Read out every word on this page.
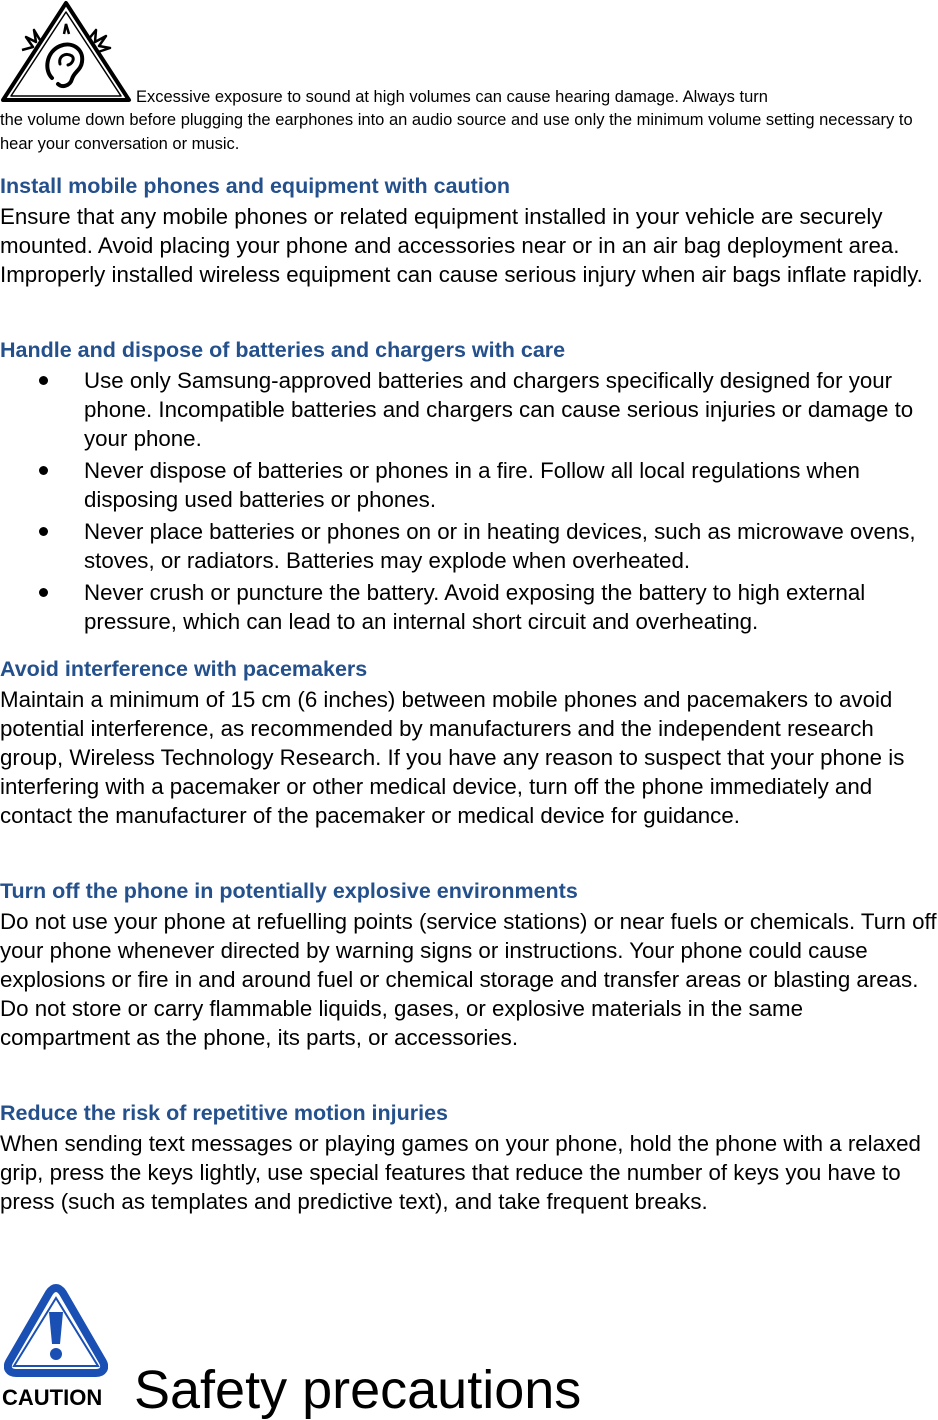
Excessive exposure to sound at high volumes can cause hearing damage. Always turn
the volume down before plugging the earphones into an audio source and use only the minimum volume setting necessary to hear your conversation or music.
Install mobile phones and equipment with caution

Ensure that any mobile phones or related equipment installed in your vehicle are securely mounted. Avoid placing your phone and accessories near or in an air bag deployment area. Improperly installed wireless equipment can cause serious injury when air bags inflate rapidly.

Handle and dispose of batteries and chargers with care
Use only Samsung-approved batteries and chargers specifically designed for your phone. Incompatible batteries and chargers can cause serious injuries or damage to your phone.
Never dispose of batteries or phones in a fire. Follow all local regulations when disposing used batteries or phones.
Never place batteries or phones on or in heating devices, such as microwave ovens, stoves, or radiators. Batteries may explode when overheated.
Never crush or puncture the battery. Avoid exposing the battery to high external pressure, which can lead to an internal short circuit and overheating.
Avoid interference with pacemakers

Maintain a minimum of 15 cm (6 inches) between mobile phones and pacemakers to avoid potential interference, as recommended by manufacturers and the independent research group, Wireless Technology Research. If you have any reason to suspect that your phone is interfering with a pacemaker or other medical device, turn off the phone immediately and contact the manufacturer of the pacemaker or medical device for guidance.

Turn off the phone in potentially explosive environments

Do not use your phone at refuelling points (service stations) or near fuels or chemicals. Turn off your phone whenever directed by warning signs or instructions. Your phone could cause explosions or fire in and around fuel or chemical storage and transfer areas or blasting areas. Do not store or carry flammable liquids, gases, or explosive materials in the same compartment as the phone, its parts, or accessories.

Reduce the risk of repetitive motion injuries

When sending text messages or playing games on your phone, hold the phone with a relaxed grip, press the keys lightly, use special features that reduce the number of keys you have to press (such as templates and predictive text), and take frequent breaks.

CAUTION Safety precautions
